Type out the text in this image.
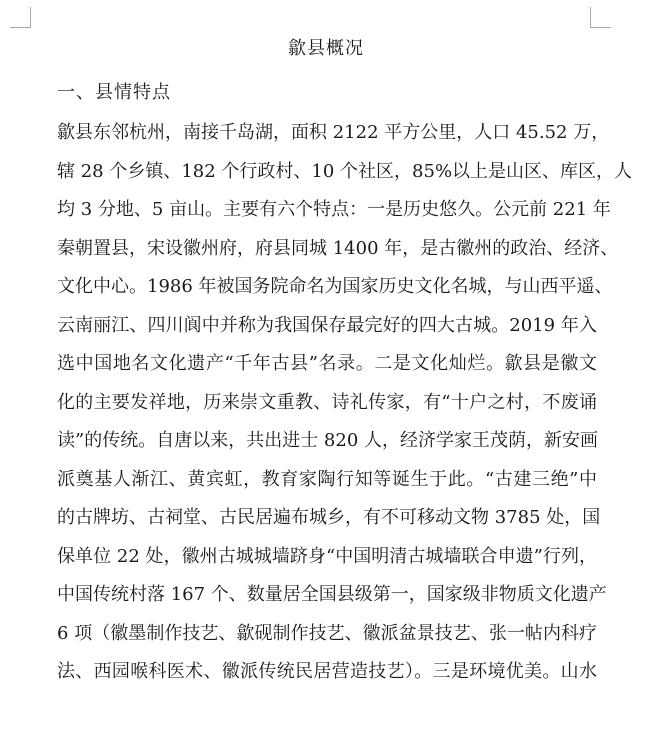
歙县概况
一、县情特点
歙县东邻杭州，南接千岛湖，面积 2122 平方公里，人口 45.52 万，
辖 28 个乡镇、182 个行政村、10 个社区，85%以上是山区、库区，人
均 3 分地、5 亩山。主要有六个特点：一是历史悠久。公元前 221 年
秦朝置县，宋设徽州府，府县同城 1400 年，是古徽州的政治、经济、
文化中心。1986 年被国务院命名为国家历史文化名城，与山西平遥、
云南丽江、四川阆中并称为我国保存最完好的四大古城。2019 年入
选中国地名文化遗产“千年古县”名录。二是文化灿烂。歙县是徽文
化的主要发祥地，历来崇文重教、诗礼传家，有“十户之村，不废诵
读”的传统。自唐以来，共出进士 820 人，经济学家王茂荫，新安画
派奠基人渐江、黄宾虹，教育家陶行知等诞生于此。“古建三绝”中
的古牌坊、古祠堂、古民居遍布城乡，有不可移动文物 3785 处，国
保单位 22 处，徽州古城城墙跻身“中国明清古城墙联合申遗”行列，
中国传统村落 167 个、数量居全国县级第一，国家级非物质文化遗产
6 项（徽墨制作技艺、歙砚制作技艺、徽派盆景技艺、张一帖内科疗
法、西园喉科医术、徽派传统民居营造技艺）。三是环境优美。山水
